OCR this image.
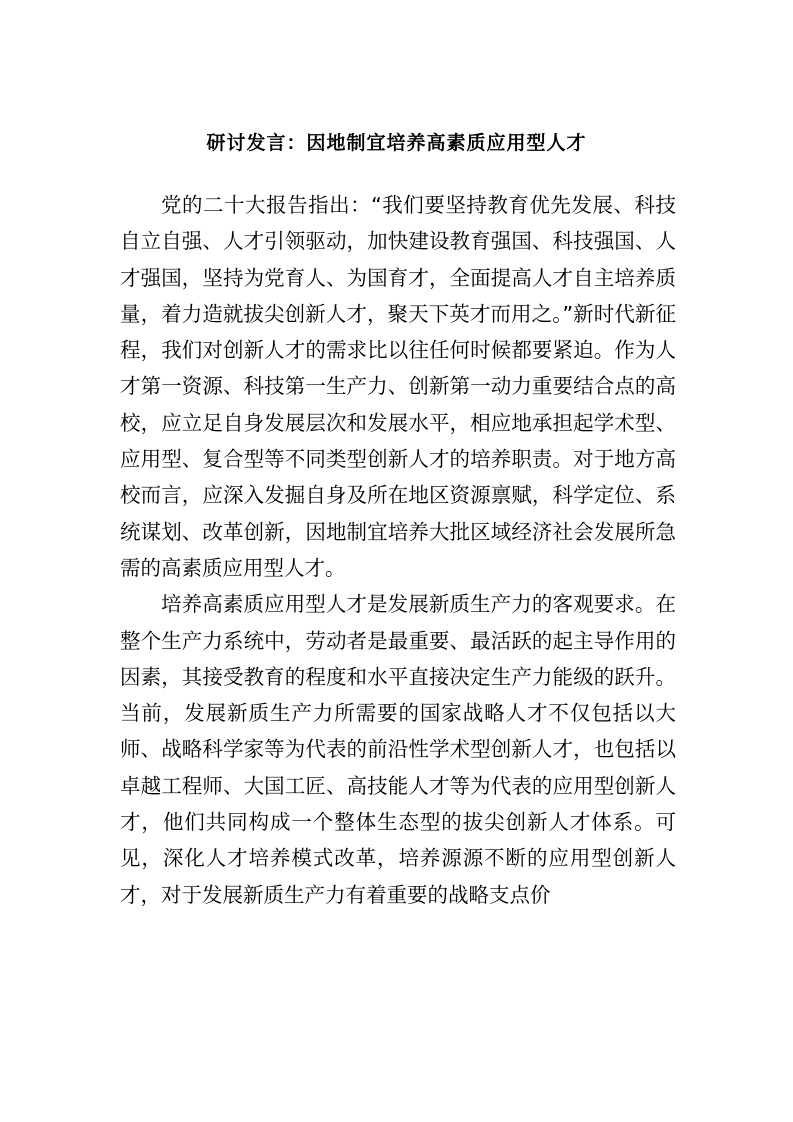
研讨发言：因地制宜培养高素质应用型人才

党的二十大报告指出：“我们要坚持教育优先发展、科技自立自强、人才引领驱动，加快建设教育强国、科技强国、人才强国，坚持为党育人、为国育才，全面提高人才自主培养质量，着力造就拔尖创新人才，聚天下英才而用之。”新时代新征程，我们对创新人才的需求比以往任何时候都要紧迫。作为人才第一资源、科技第一生产力、创新第一动力重要结合点的高校，应立足自身发展层次和发展水平，相应地承担起学术型、应用型、复合型等不同类型创新人才的培养职责。对于地方高校而言，应深入发掘自身及所在地区资源禀赋，科学定位、系统谋划、改革创新，因地制宜培养大批区域经济社会发展所急需的高素质应用型人才。

培养高素质应用型人才是发展新质生产力的客观要求。在整个生产力系统中，劳动者是最重要、最活跃的起主导作用的因素，其接受教育的程度和水平直接决定生产力能级的跃升。当前，发展新质生产力所需要的国家战略人才不仅包括以大师、战略科学家等为代表的前沿性学术型创新人才，也包括以卓越工程师、大国工匠、高技能人才等为代表的应用型创新人才，他们共同构成一个整体生态型的拔尖创新人才体系。可见，深化人才培养模式改革，培养源源不断的应用型创新人才，对于发展新质生产力有着重要的战略支点价
